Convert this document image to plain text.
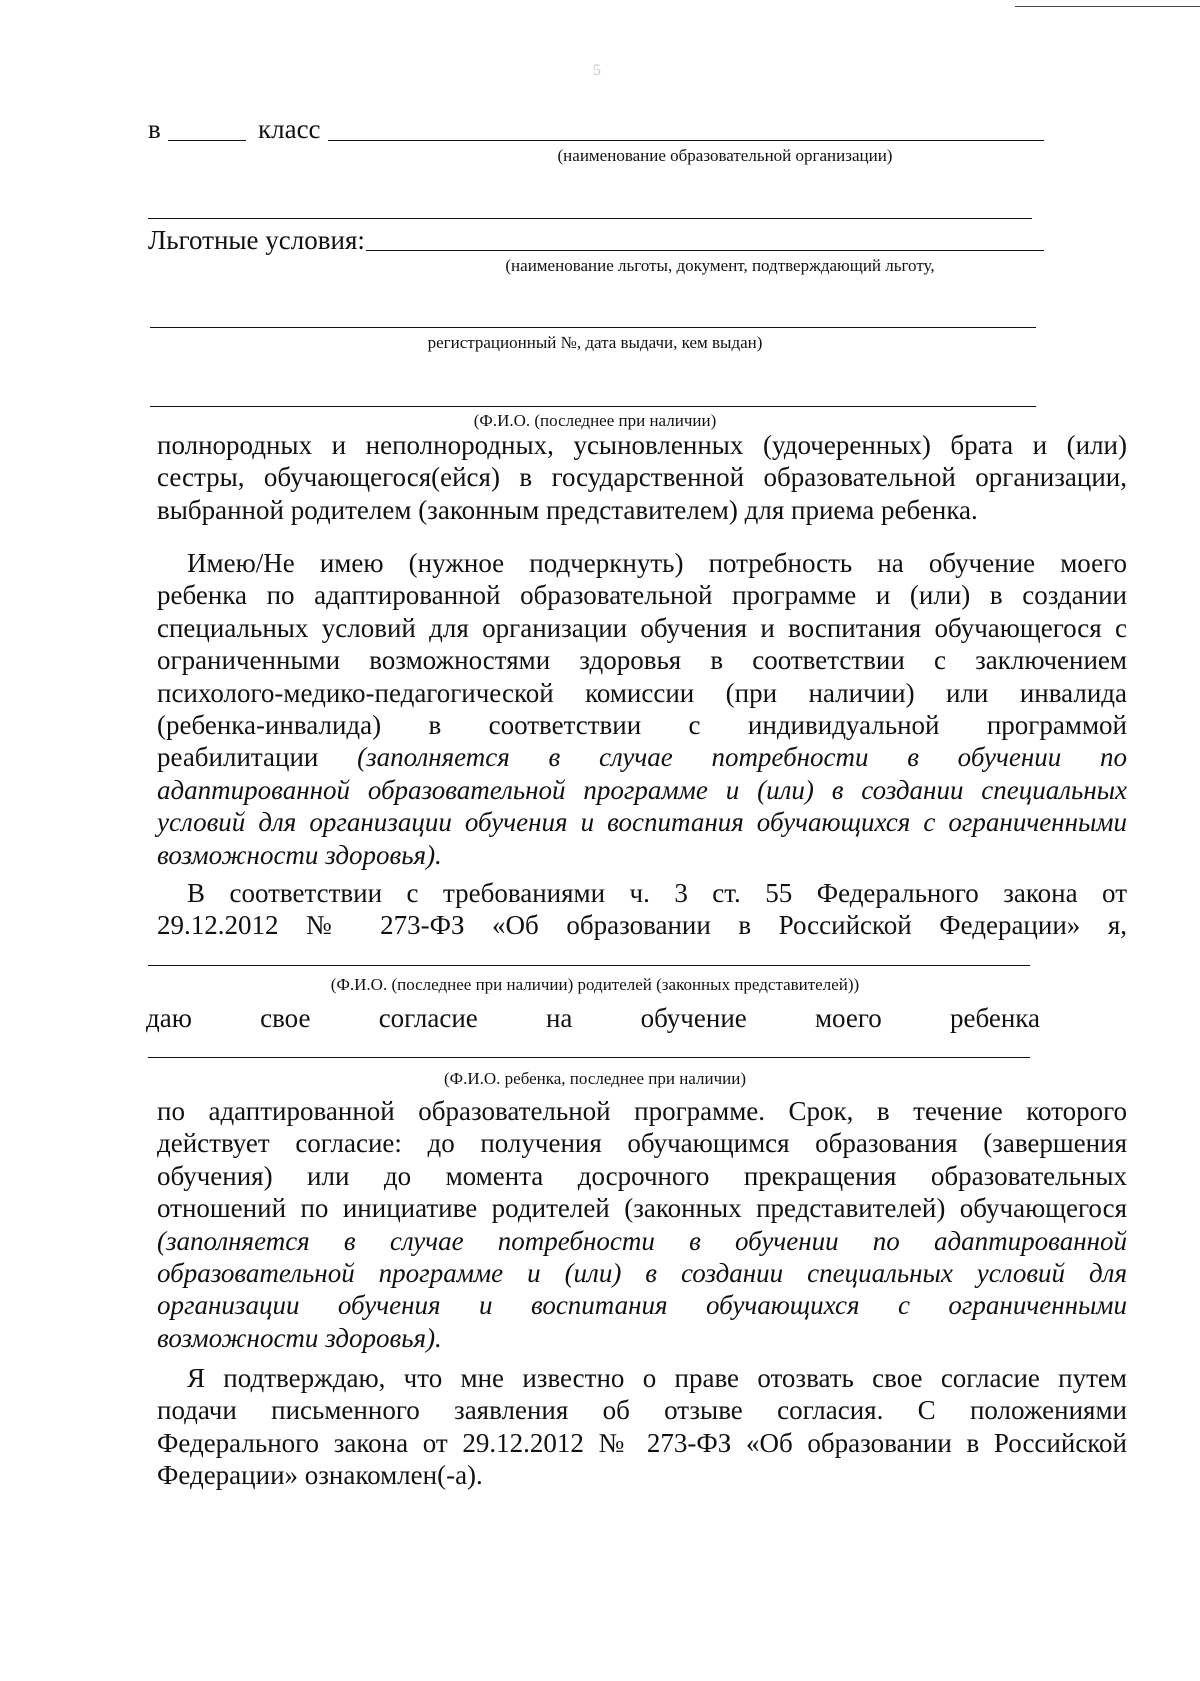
5
в	класс
(наименование образовательной организации)
Льготные условия:
(наименование льготы, документ, подтверждающий льготу,
регистрационный №, дата выдачи, кем выдан)
(Ф.И.О. (последнее при наличии)
полнородных и неполнородных, усыновленных (удочеренных) брата и (или)
сестры, обучающегося(ейся) в государственной образовательной организации,
выбранной родителем (законным представителем) для приема ребенка.
Имею/Не имею (нужное подчеркнуть) потребность на обучение моего
ребенка по адаптированной образовательной программе и (или) в создании
специальных условий для организации обучения и воспитания обучающегося с
ограниченными возможностями здоровья в соответствии с заключением
психолого-медико-педагогической комиссии (при наличии) или инвалида
(ребенка-инвалида) в соответствии с индивидуальной программой
реабилитации (заполняется в случае потребности в обучении по
адаптированной образовательной программе и (или) в создании специальных
условий для организации обучения и воспитания обучающихся с ограниченными
возможности здоровья).
В соответствии с требованиями ч. 3 ст. 55 Федерального закона от
29.12.2012 № 273-ФЗ «Об образовании в Российской Федерации» я,
(Ф.И.О. (последнее при наличии) родителей (законных представителей))
даю	свое	согласие	на	обучение	моего	ребенка
(Ф.И.О. ребенка, последнее при наличии)
по адаптированной образовательной программе. Срок, в течение которого
действует согласие: до получения обучающимся образования (завершения
обучения) или до момента досрочного прекращения образовательных
отношений по инициативе родителей (законных представителей) обучающегося
(заполняется в случае потребности в обучении по адаптированной
образовательной программе и (или) в создании специальных условий для
организации обучения и воспитания обучающихся с ограниченными
возможности здоровья).
Я подтверждаю, что мне известно о праве отозвать свое согласие путем
подачи письменного заявления об отзыве согласия. С положениями
Федерального закона от 29.12.2012 № 273-ФЗ «Об образовании в Российской
Федерации» ознакомлен(-а).
